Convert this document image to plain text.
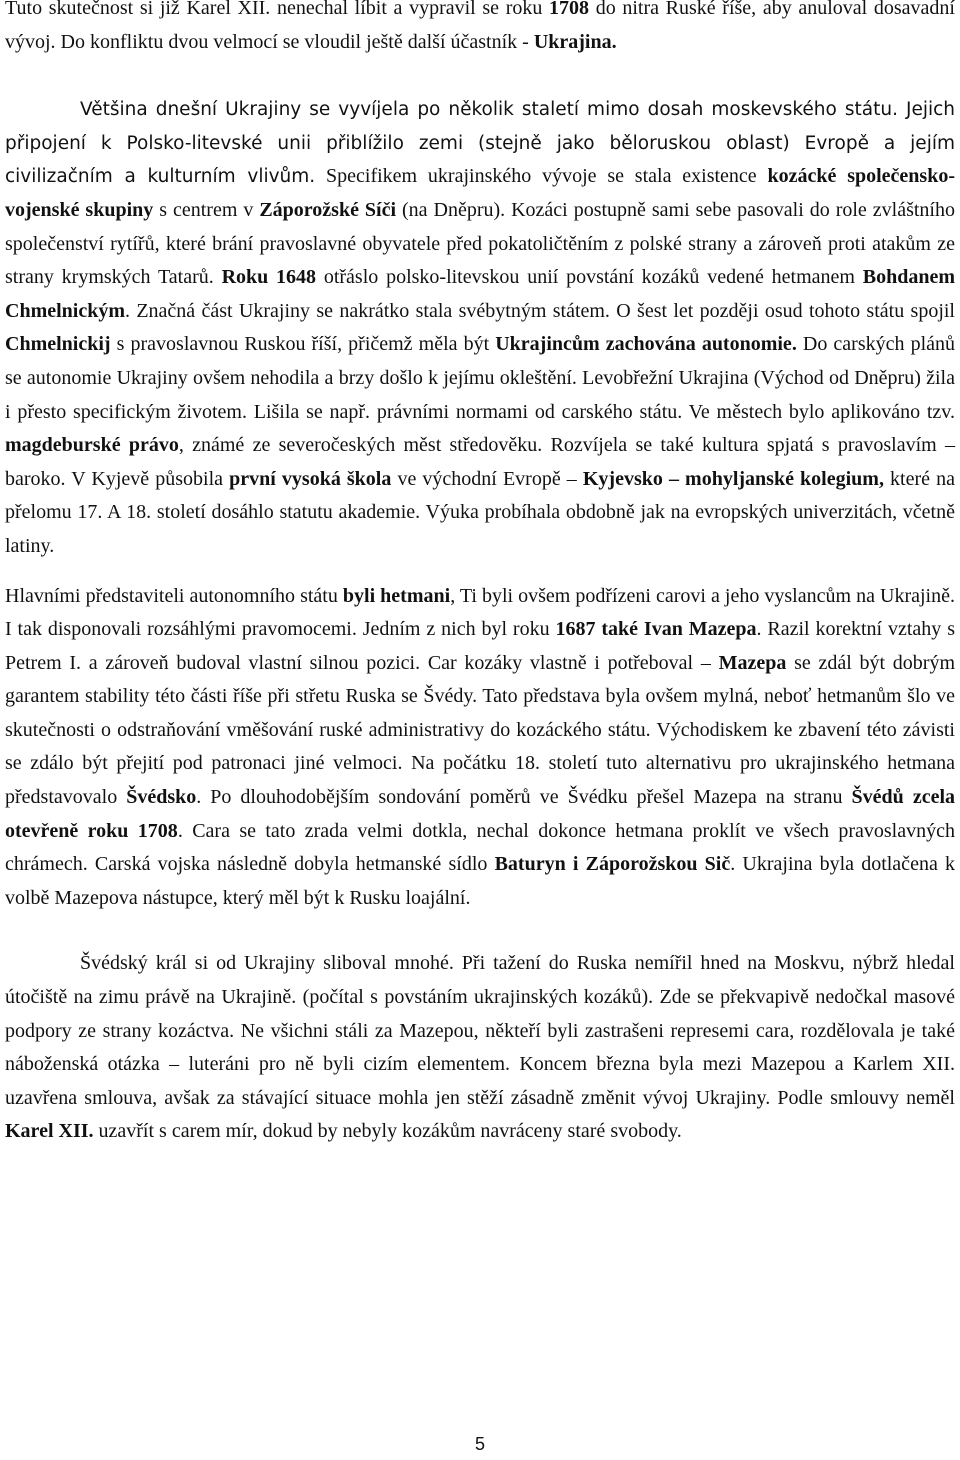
Tuto skutečnost si již Karel XII. nenechal líbit a vypravil se roku 1708 do nitra Ruské říše, aby anuloval dosavadní vývoj. Do konfliktu dvou velmocí se vloudil ještě další účastník - Ukrajina.

Většina dnešní Ukrajiny se vyvíjela po několik staletí mimo dosah moskevského státu. Jejich připojení k Polsko-litevské unii přiblížilo zemi (stejně jako běloruskou oblast) Evropě a jejím civilizačním a kulturním vlivům. Specifikem ukrajinského vývoje se stala existence kozácké společensko-vojenské skupiny s centrem v Záporožské Síči (na Dněpru). Kozáci postupně sami sebe pasovali do role zvláštního společenství rytířů, které brání pravoslavné obyvatele před pokatoličtěním z polské strany a zároveň proti atakům ze strany krymských Tatarů. Roku 1648 otřáslo polsko-litevskou unií povstání kozáků vedené hetmanem Bohdanem Chmelnickým. Značná část Ukrajiny se nakrátko stala svébytným státem. O šest let později osud tohoto státu spojil Chmelnickij s pravoslavnou Ruskou říší, přičemž měla být Ukrajincům zachována autonomie. Do carských plánů se autonomie Ukrajiny ovšem nehodila a brzy došlo k jejímu okleštění. Levobřežní Ukrajina (Východ od Dněpru) žila i přesto specifickým životem. Lišila se např. právními normami od carského státu. Ve městech bylo aplikováno tzv. magdeburské právo, známé ze severočeských měst středověku. Rozvíjela se také kultura spjatá s pravoslavím – baroko. V Kyjevě působila první vysoká škola ve východní Evropě – Kyjevsko – mohyljanské kolegium, které na přelomu 17. A 18. století dosáhlo statutu akademie. Výuka probíhala obdobně jak na evropských univerzitách, včetně latiny.

Hlavními představiteli autonomního státu byli hetmani, Ti byli ovšem podřízeni carovi a jeho vyslancům na Ukrajině. I tak disponovali rozsáhlými pravomocemi. Jedním z nich byl roku 1687 také Ivan Mazepa. Razil korektní vztahy s Petrem I. a zároveň budoval vlastní silnou pozici. Car kozáky vlastně i potřeboval – Mazepa se zdál být dobrým garantem stability této části říše při střetu Ruska se Švédy. Tato představa byla ovšem mylná, neboť hetmanům šlo ve skutečnosti o odstraňování vměšování ruské administrativy do kozáckého státu. Východiskem ke zbavení této závisti se zdálo být přejití pod patronaci jiné velmoci. Na počátku 18. století tuto alternativu pro ukrajinského hetmana představovalo Švédsko. Po dlouhodobějším sondování poměrů ve Švédku přešel Mazepa na stranu Švédů zcela otevřeně roku 1708. Cara se tato zrada velmi dotkla, nechal dokonce hetmana proklít ve všech pravoslavných chrámech. Carská vojska následně dobyla hetmanské sídlo Baturyn i Záporožskou Sič. Ukrajina byla dotlačena k volbě Mazepova nástupce, který měl být k Rusku loajální.

Švédský král si od Ukrajiny sliboval mnohé. Při tažení do Ruska nemířil hned na Moskvu, nýbrž hledal útočiště na zimu právě na Ukrajině. (počítal s povstáním ukrajinských kozáků). Zde se překvapivě nedočkal masové podpory ze strany kozáctva. Ne všichni stáli za Mazepou, někteří byli zastrašeni represemi cara, rozdělovala je také náboženská otázka – luteráni pro ně byli cizím elementem. Koncem března byla mezi Mazepou a Karlem XII. uzavřena smlouva, avšak za stávající situace mohla jen stěží zásadně změnit vývoj Ukrajiny. Podle smlouvy neměl Karel XII. uzavřít s carem mír, dokud by nebyly kozákům navráceny staré svobody.

5
